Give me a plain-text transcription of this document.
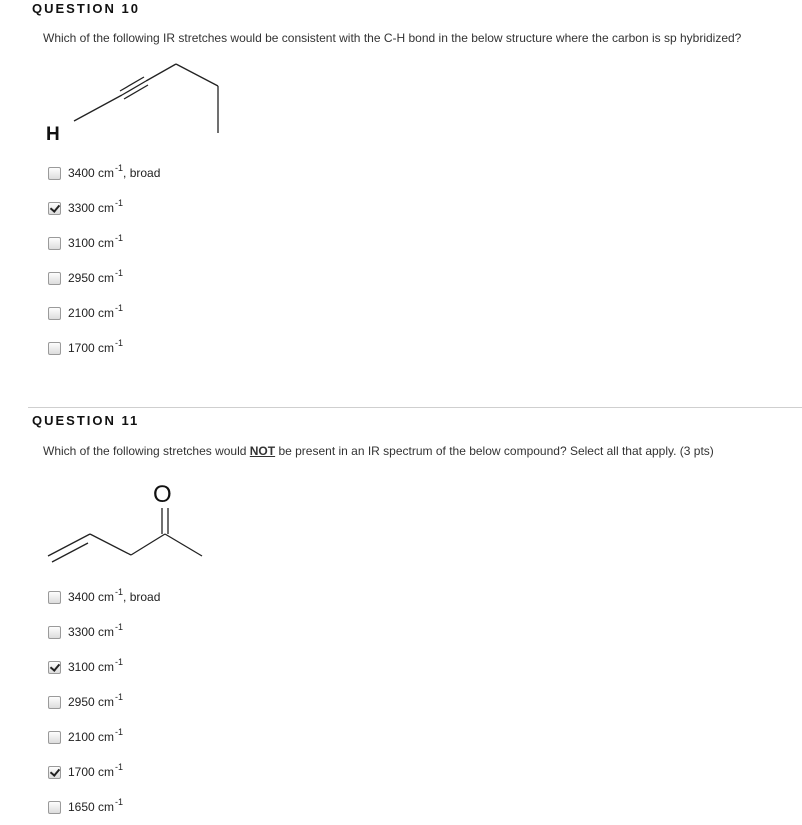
QUESTION 10
Which of the following IR stretches would be consistent with the C-H bond in the below structure where the carbon is sp hybridized?
H
3400 $cm^{-1}$, broad
3300 $cm^{-1}$
3100 $cm^{-1}$
2950 $cm^{-1}$
2100 $cm^{-1}$
1700 $cm^{-1}$
QUESTION 11
Which of the following stretches would NOT be present in an IR spectrum of the below compound? Select all that apply. (3 pts)
O
3400 $cm^{-1}$, broad
3300 $cm^{-1}$
3100 $cm^{-1}$
2950 $cm^{-1}$
2100 $cm^{-1}$
1700 $cm^{-1}$
1650 $cm^{-1}$
